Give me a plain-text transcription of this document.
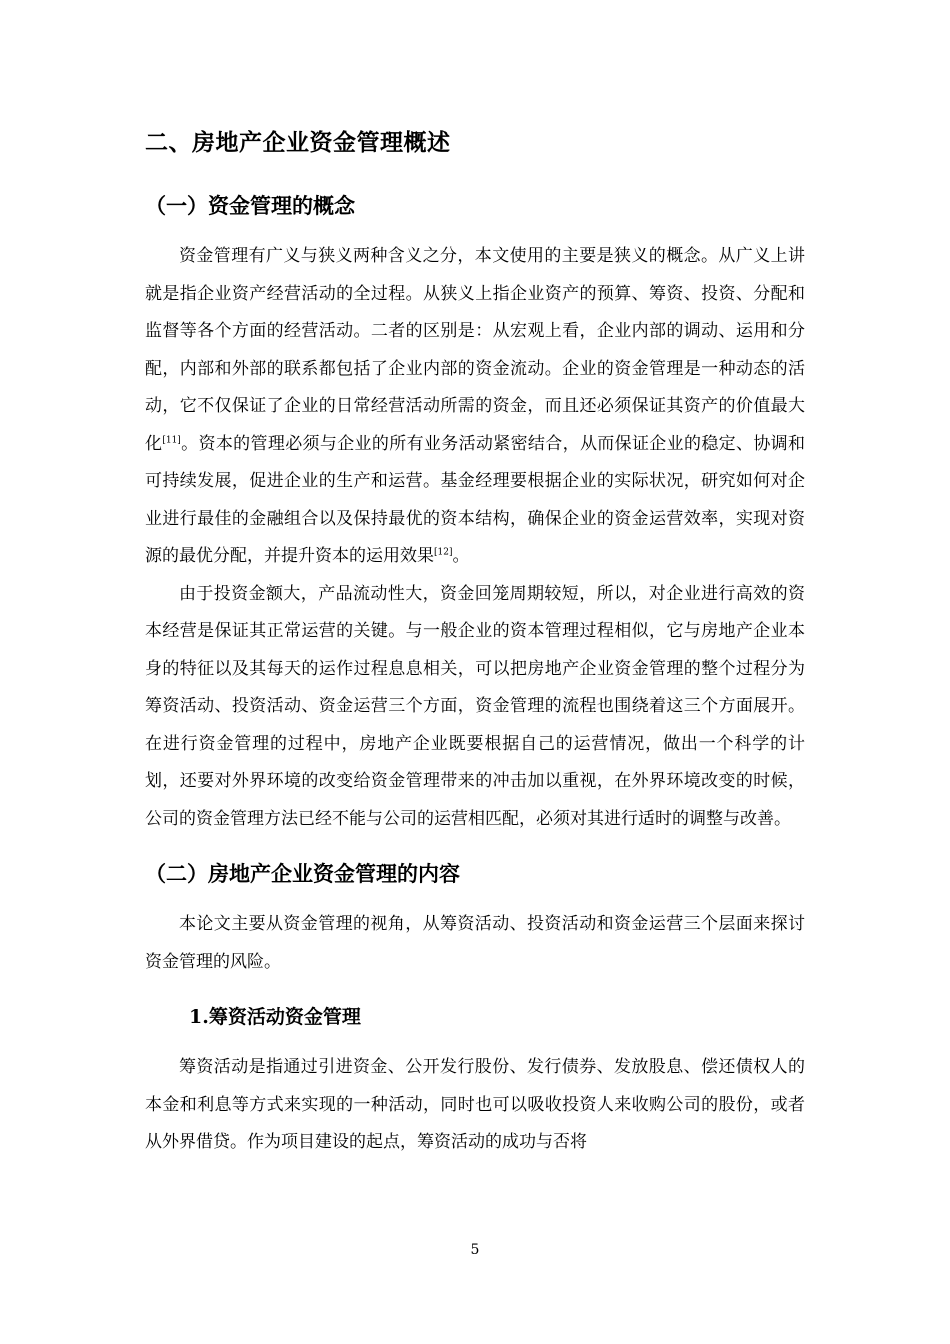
二、房地产企业资金管理概述
（一）资金管理的概念

资金管理有广义与狭义两种含义之分，本文使用的主要是狭义的概念。从广义上讲就是指企业资产经营活动的全过程。从狭义上指企业资产的预算、筹资、投资、分配和监督等各个方面的经营活动。二者的区别是：从宏观上看，企业内部的调动、运用和分配，内部和外部的联系都包括了企业内部的资金流动。企业的资金管理是一种动态的活动，它不仅保证了企业的日常经营活动所需的资金，而且还必须保证其资产的价值最大化[11]。资本的管理必须与企业的所有业务活动紧密结合，从而保证企业的稳定、协调和可持续发展，促进企业的生产和运营。基金经理要根据企业的实际状况，研究如何对企业进行最佳的金融组合以及保持最优的资本结构，确保企业的资金运营效率，实现对资源的最优分配，并提升资本的运用效果[12]。

由于投资金额大，产品流动性大，资金回笼周期较短，所以，对企业进行高效的资本经营是保证其正常运营的关键。与一般企业的资本管理过程相似，它与房地产企业本身的特征以及其每天的运作过程息息相关，可以把房地产企业资金管理的整个过程分为筹资活动、投资活动、资金运营三个方面，资金管理的流程也围绕着这三个方面展开。在进行资金管理的过程中，房地产企业既要根据自己的运营情况，做出一个科学的计划，还要对外界环境的改变给资金管理带来的冲击加以重视，在外界环境改变的时候，公司的资金管理方法已经不能与公司的运营相匹配，必须对其进行适时的调整与改善。

（二）房地产企业资金管理的内容

本论文主要从资金管理的视角，从筹资活动、投资活动和资金运营三个层面来探讨资金管理的风险。

1.筹资活动资金管理

筹资活动是指通过引进资金、公开发行股份、发行债券、发放股息、偿还债权人的本金和利息等方式来实现的一种活动，同时也可以吸收投资人来收购公司的股份，或者从外界借贷。作为项目建设的起点，筹资活动的成功与否将

5
